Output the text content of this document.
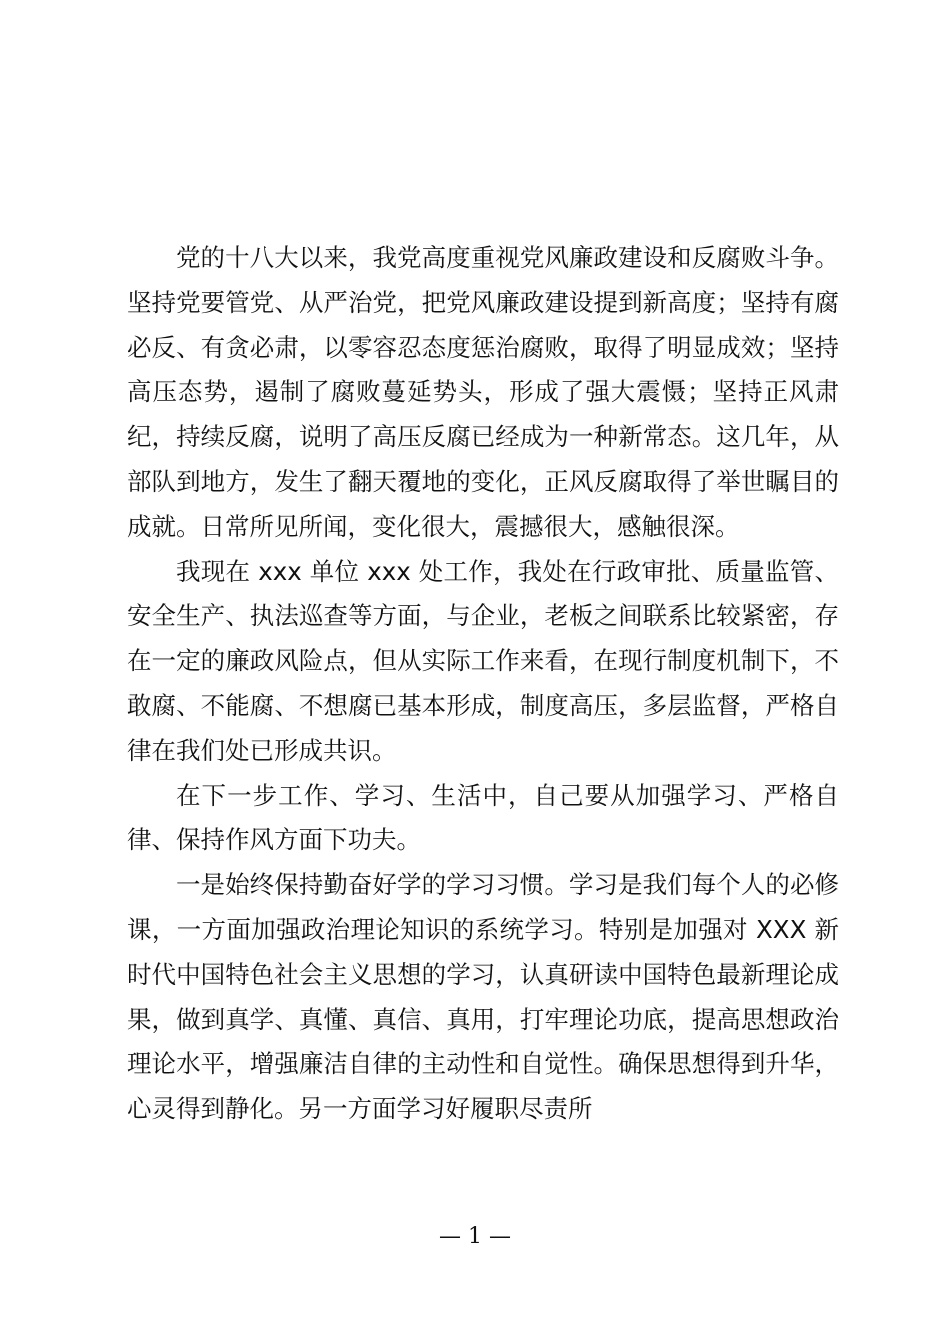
党的十八大以来，我党高度重视党风廉政建设和反腐败斗争。坚持党要管党、从严治党，把党风廉政建设提到新高度；坚持有腐必反、有贪必肃，以零容忍态度惩治腐败，取得了明显成效；坚持高压态势，遏制了腐败蔓延势头，形成了强大震慑；坚持正风肃纪，持续反腐，说明了高压反腐已经成为一种新常态。这几年，从部队到地方，发生了翻天覆地的变化，正风反腐取得了举世瞩目的成就。日常所见所闻，变化很大，震撼很大，感触很深。

我现在 xxx 单位 xxx 处工作，我处在行政审批、质量监管、安全生产、执法巡查等方面，与企业，老板之间联系比较紧密，存在一定的廉政风险点，但从实际工作来看，在现行制度机制下，不敢腐、不能腐、不想腐已基本形成，制度高压，多层监督，严格自律在我们处已形成共识。

在下一步工作、学习、生活中，自己要从加强学习、严格自律、保持作风方面下功夫。

一是始终保持勤奋好学的学习习惯。学习是我们每个人的必修课，一方面加强政治理论知识的系统学习。特别是加强对 XXX 新时代中国特色社会主义思想的学习，认真研读中国特色最新理论成果，做到真学、真懂、真信、真用，打牢理论功底，提高思想政治理论水平，增强廉洁自律的主动性和自觉性。确保思想得到升华，心灵得到静化。另一方面学习好履职尽责所

— 1 —
